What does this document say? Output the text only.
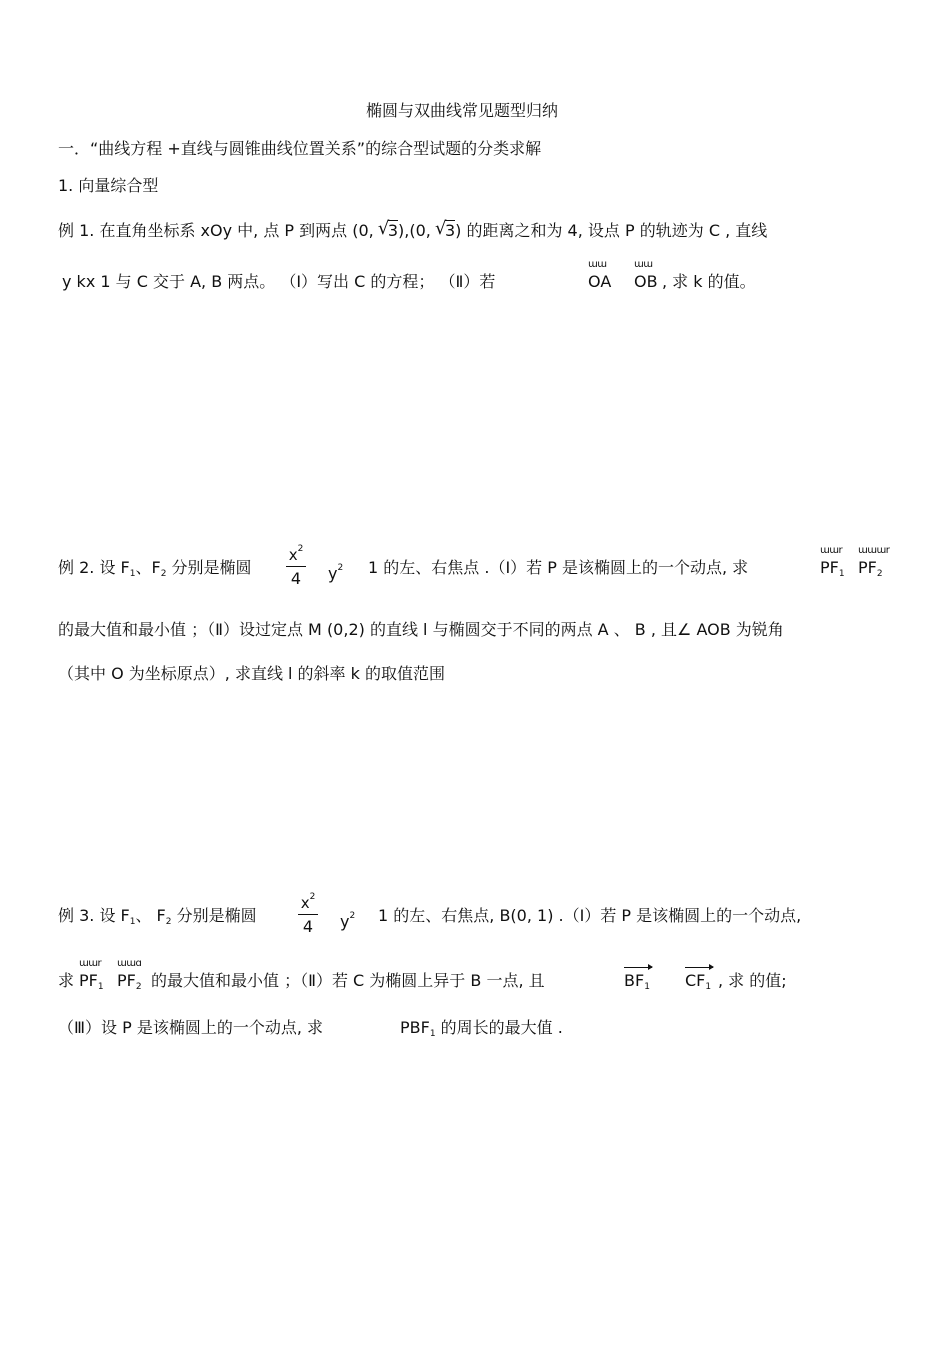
椭圆与双曲线常见题型归纳
一．“曲线方程 +直线与圆锥曲线位置关系”的综合型试题的分类求解
1. 向量综合型
例 1. 在直角坐标系 xOy 中, 点 P 到两点 (0, √ 3),(0, √ 3) 的距离之和为 4, 设点 P 的轨迹为 C , 直线
y kx 1 与 C 交于 A, B 两点。 （Ⅰ）写出 C 的方程； （Ⅱ）若
ɯɯ
OA
ɯɯ
OB , 求 k 的值。
例 2. 设 $F_1$、$F_2$ 分别是椭圆
$x^2$
4	$y^2$ 1 的左、右焦点 .（Ⅰ）若 P 是该椭圆上的一个动点, 求
ɯɯr
$PF_1$
ɯɯɯr
$PF_2$
的最大值和最小值 ；（Ⅱ）设过定点 M (0,2) 的直线 l 与椭圆交于不同的两点 A 、 B , 且∠ AOB 为锐角
（其中 O 为坐标原点）, 求直线 l 的斜率 k 的取值范围
例 3. 设 $F_1$、 $F_2$ 分别是椭圆
$x^2$
4	$y^2$ 1 的左、右焦点, B(0, 1) .（Ⅰ）若 P 是该椭圆上的一个动点,
求
ɯɯr
$PF_1$
ɯɯɑ
$PF_2$ 的最大值和最小值 ；（Ⅱ）若 C 为椭圆上异于 B 一点, 且	$BF_1$ $CF_1$ , 求 的值;
（Ⅲ）设 P 是该椭圆上的一个动点, 求	$PBF_1$ 的周长的最大值 .
